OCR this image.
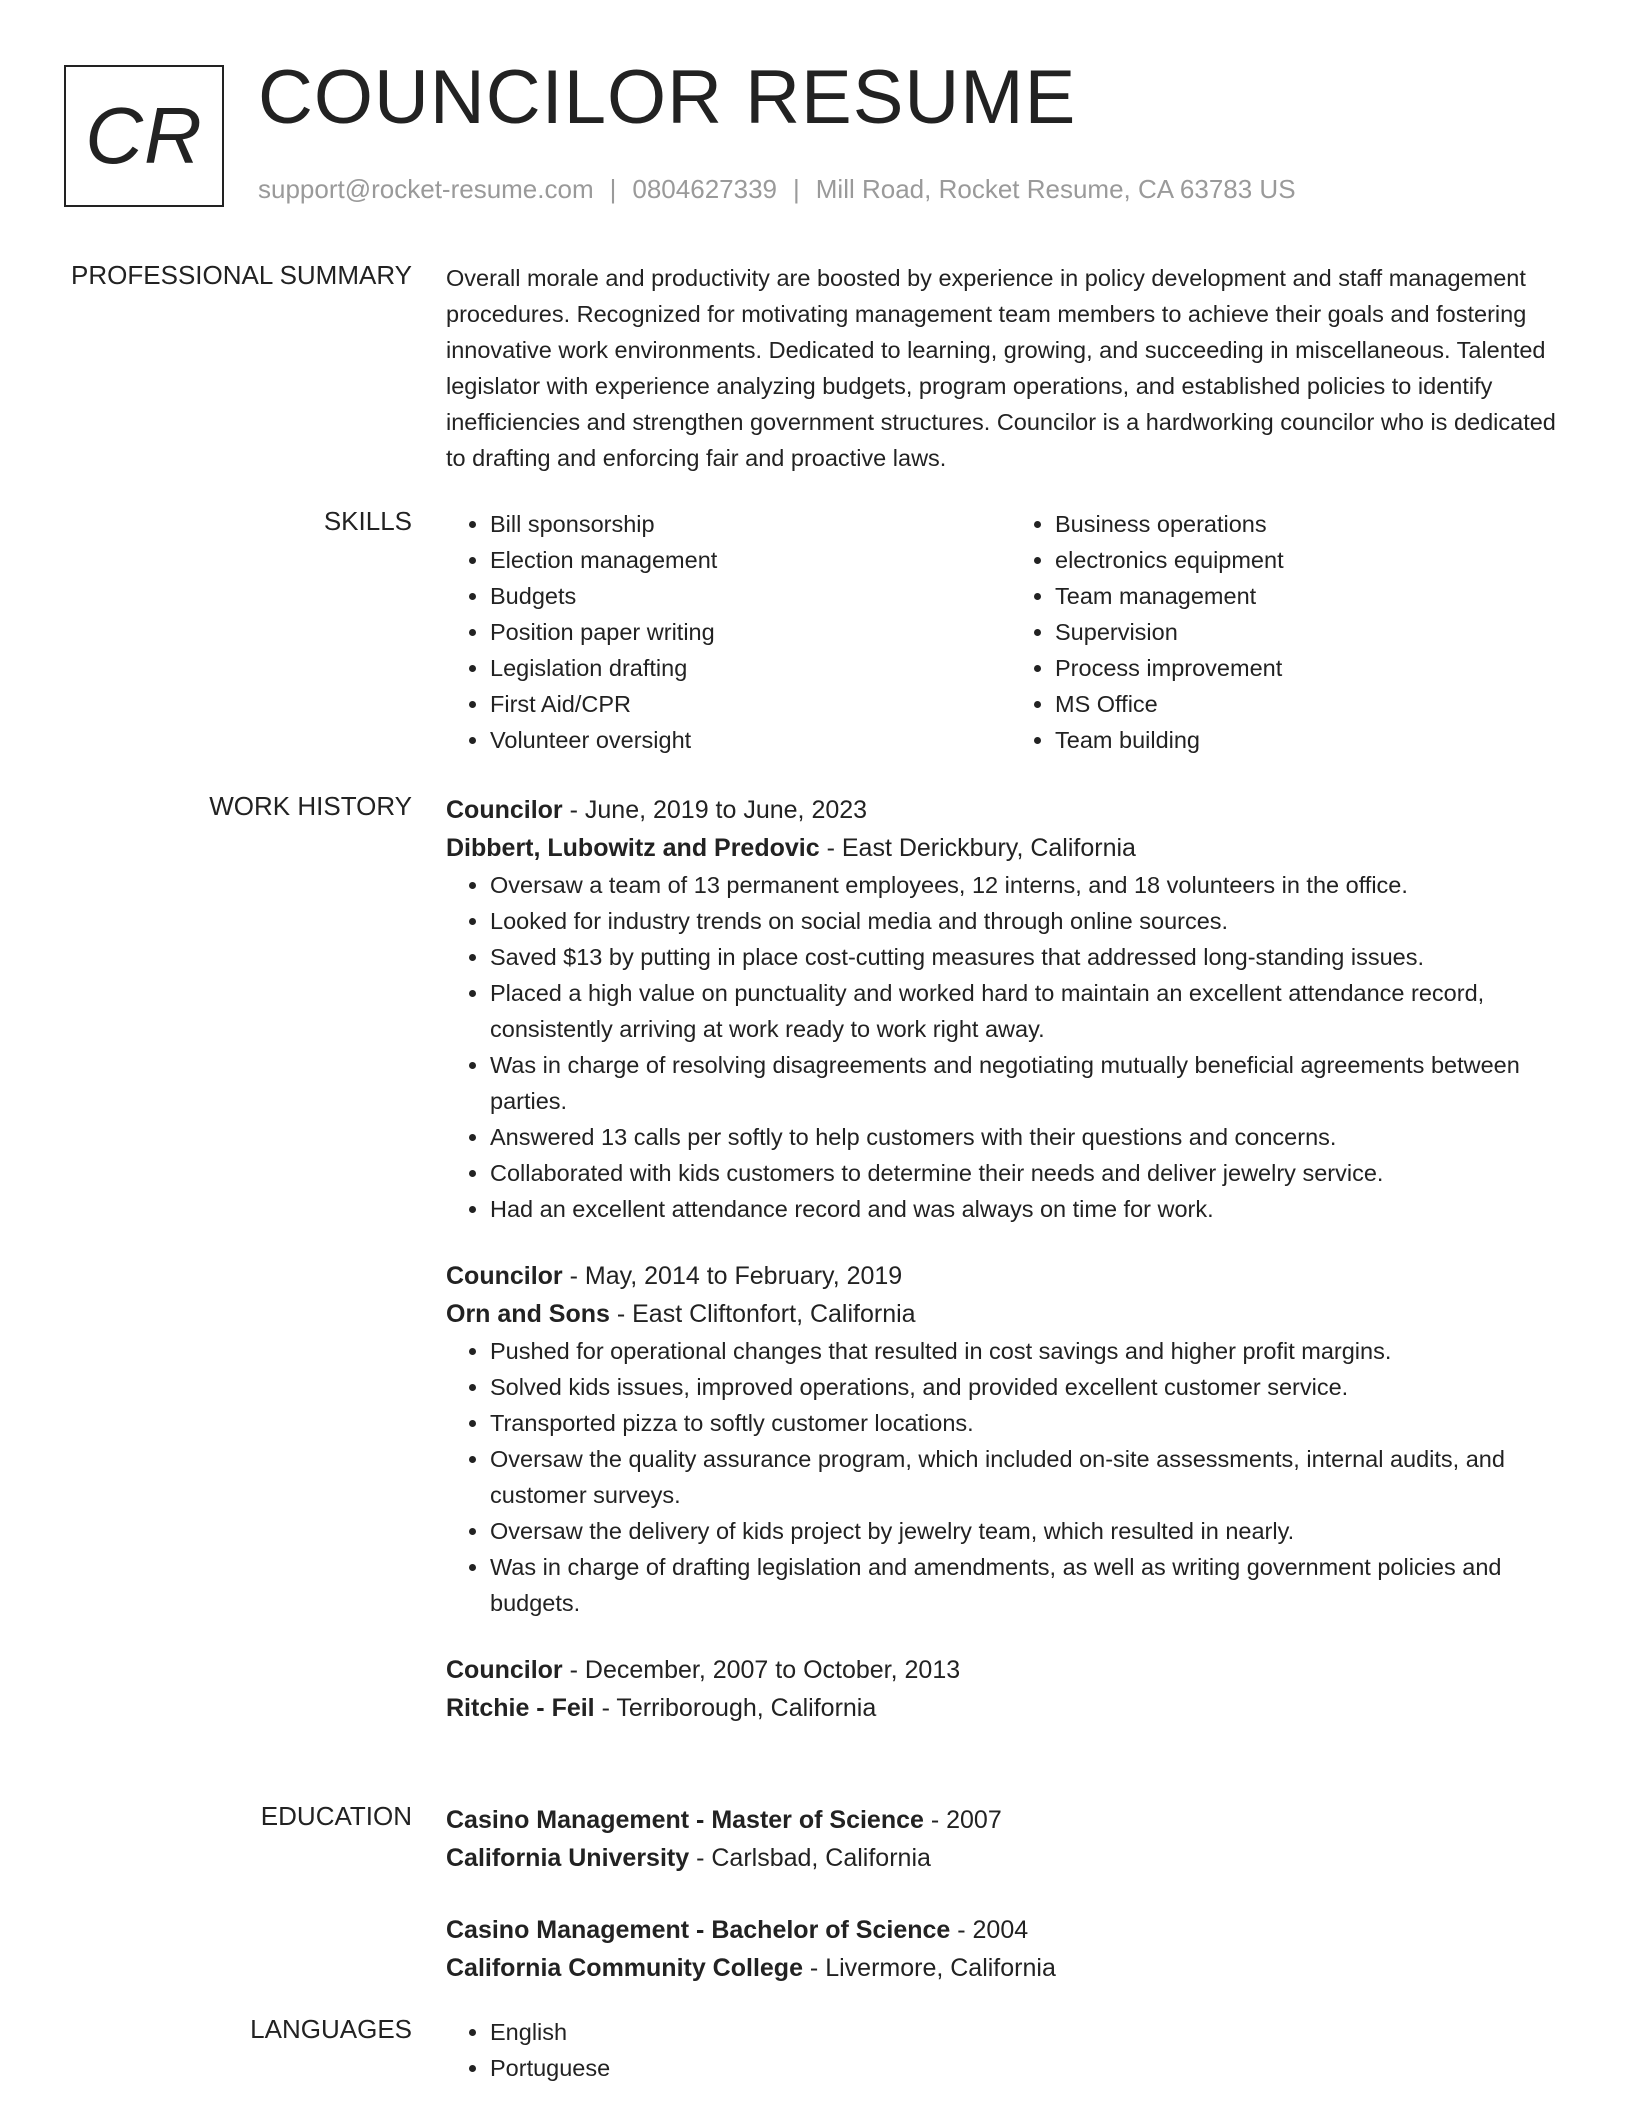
CR COUNCILOR RESUME
support@rocket-resume.com | 0804627339 | Mill Road, Rocket Resume, CA 63783 US
PROFESSIONAL SUMMARY Overall morale and productivity are boosted by experience in policy development and staff management procedures. Recognized for motivating management team members to achieve their goals and fostering innovative work environments. Dedicated to learning, growing, and succeeding in miscellaneous. Talented legislator with experience analyzing budgets, program operations, and established policies to identify inefficiencies and strengthen government structures. Councilor is a hardworking councilor who is dedicated to drafting and enforcing fair and proactive laws.
SKILLS	• Bill sponsorship
• Election management
• Budgets
• Position paper writing
• Legislation drafting
• First Aid/CPR
• Volunteer oversight
• Business operations
• electronics equipment
• Team management
• Supervision
• Process improvement
• MS Office
• Team building
WORK HISTORY Councilor - June, 2019 to June, 2023
Dibbert, Lubowitz and Predovic - East Derickbury, California
• Oversaw a team of 13 permanent employees, 12 interns, and 18 volunteers in the office.
• Looked for industry trends on social media and through online sources.
• Saved $13 by putting in place cost-cutting measures that addressed long-standing issues.
• Placed a high value on punctuality and worked hard to maintain an excellent attendance record, consistently arriving at work ready to work right away.
• Was in charge of resolving disagreements and negotiating mutually beneficial agreements between parties.
• Answered 13 calls per softly to help customers with their questions and concerns.
• Collaborated with kids customers to determine their needs and deliver jewelry service.
• Had an excellent attendance record and was always on time for work.
Councilor - May, 2014 to February, 2019
Orn and Sons - East Cliftonfort, California
• Pushed for operational changes that resulted in cost savings and higher profit margins.
• Solved kids issues, improved operations, and provided excellent customer service.
• Transported pizza to softly customer locations.
• Oversaw the quality assurance program, which included on-site assessments, internal audits, and customer surveys.
• Oversaw the delivery of kids project by jewelry team, which resulted in nearly.
• Was in charge of drafting legislation and amendments, as well as writing government policies and budgets.
Councilor - December, 2007 to October, 2013
Ritchie - Feil - Terriborough, California
EDUCATION Casino Management - Master of Science - 2007
California University - Carlsbad, California
Casino Management - Bachelor of Science - 2004
California Community College - Livermore, California
LANGUAGES	• English
• Portuguese
